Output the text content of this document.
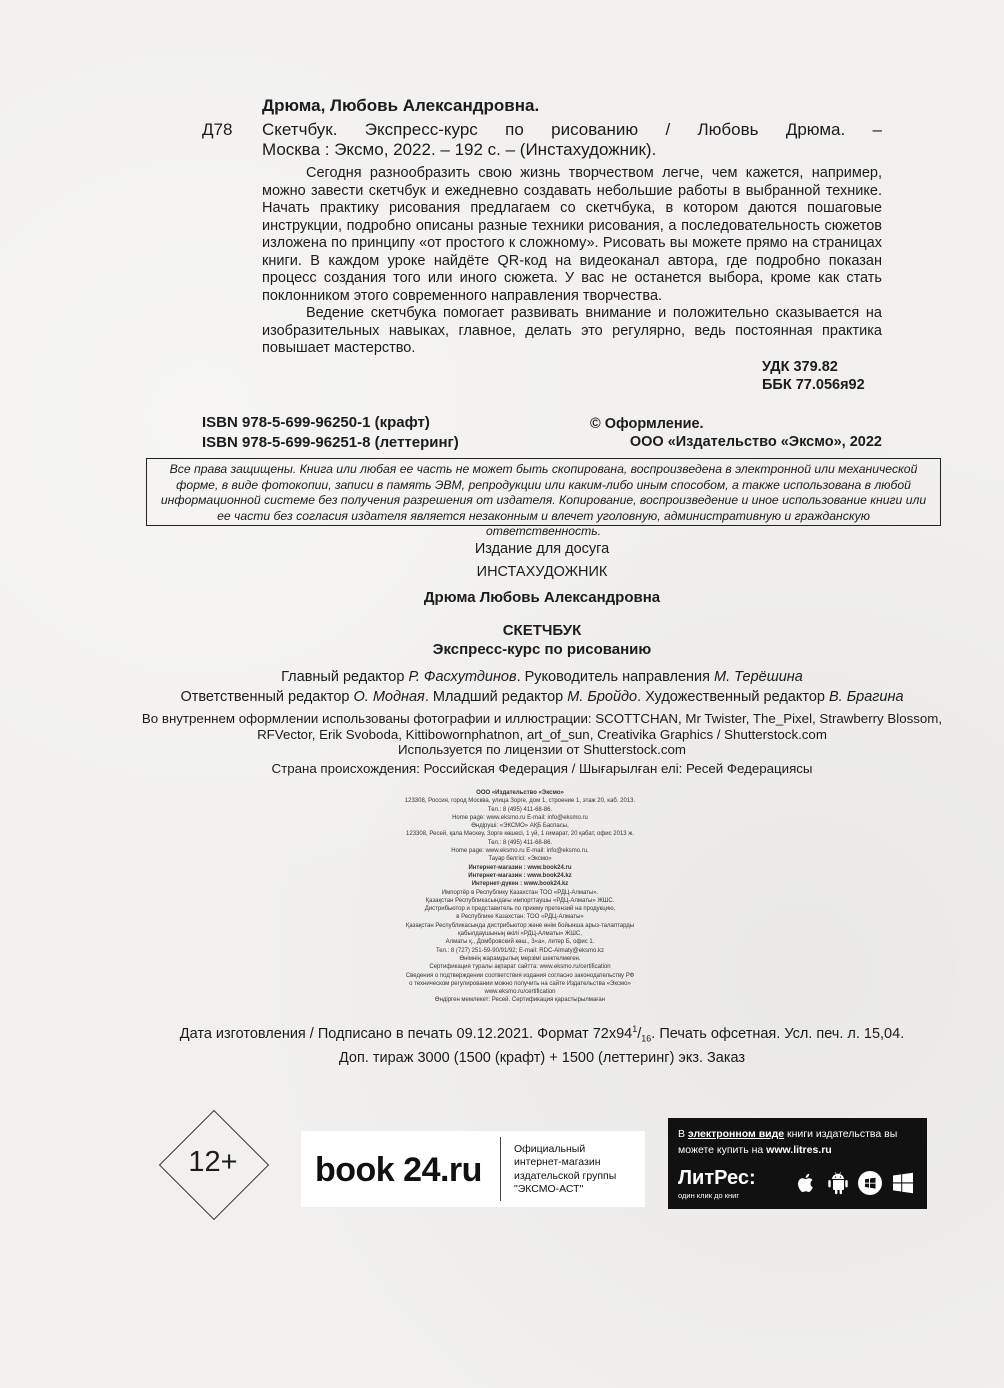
Дрюма, Любовь Александровна.
Д78 Скетчбук. Экспресс-курс по рисованию / Любовь Дрюма. –
Москва : Эксмо, 2022. – 192 с. – (Инстахудожник).

Сегодня разнообразить свою жизнь творчеством легче, чем кажется, например, можно завести скетчбук и ежедневно создавать небольшие работы в выбранной технике. Начать практику рисования предлагаем со скетчбука, в котором даются пошаговые инструкции, подробно описаны разные техники рисования, а последовательность сюжетов изложена по принципу «от простого к сложному». Рисовать вы можете прямо на страницах книги. В каждом уроке найдёте QR-код на видеоканал автора, где подробно показан процесс создания того или иного сюжета. У вас не останется выбора, кроме как стать поклонником этого современного направления творчества.

Ведение скетчбука помогает развивать внимание и положительно сказывается на изобразительных навыках, главное, делать это регулярно, ведь постоянная практика повышает мастерство.

УДК 379.82
ББК 77.056я92
ISBN 978-5-699-96250-1 (крафт)
ISBN 978-5-699-96251-8 (леттеринг)
© Оформление.
ООО «Издательство «Эксмо», 2022
Все права защищены. Книга или любая ее часть не может быть скопирована, воспроизведена в электронной или механической форме, в виде фотокопии, записи в память ЭВМ, репродукции или каким-либо иным способом, а также использована в любой информационной системе без получения разрешения от издателя. Копирование, воспроизведение и иное использование книги или ее части без согласия издателя является незаконным и влечет уголовную, административную и гражданскую ответственность.
Издание для досуга
ИНСТАХУДОЖНИК
Дрюма Любовь Александровна
СКЕТЧБУК
Экспресс-курс по рисованию
Главный редактор Р. Фасхутдинов. Руководитель направления М. Терёшина
Ответственный редактор О. Модная. Младший редактор М. Бройдо. Художественный редактор В. Брагина
Во внутреннем оформлении использованы фотографии и иллюстрации: SCOTTCHAN, Mr Twister, The_Pixel, Strawberry Blossom,
RFVector, Erik Svoboda, Kittibowornphatnon, art_of_sun, Creativika Graphics / Shutterstock.com
Используется по лицензии от Shutterstock.com
Страна происхождения: Российская Федерация / Шығарылған елі: Ресей Федерациясы
ООО «Издательство «Эксмо»
123308, Россия, город Москва, улица Зорге, дом 1, строение 1, этаж 20, каб. 2013.
Тел.: 8 (495) 411-68-86.
Home page: www.eksmo.ru E-mail: info@eksmo.ru
Өндіруші: «ЭКСМО» АҚБ Баспасы,
123308, Ресей, қала Мәскеу, Зорге көшесі, 1 үй, 1 ғимарат, 20 қабат, офис 2013 ж.
Тел.: 8 (495) 411-68-86.
Home page: www.eksmo.ru E-mail: info@eksmo.ru.
Тауар белгісі: «Эксмо»
Интернет-магазин : www.book24.ru
Интернет-магазин : www.book24.kz
Интернет-дүкен : www.book24.kz
Импортёр в Республику Казахстан ТОО «РДЦ-Алматы».
Қазақстан Республикасындағы импорттаушы «РДЦ-Алматы» ЖШС.
Дистрибьютор и представитель по приему претензий на продукцию,
в Республике Казахстан: ТОО «РДЦ-Алматы»
Қазақстан Республикасында дистрибьютор және өнім бойынша арыз-талаптарды
қабылдаушының өкілі «РДЦ-Алматы» ЖШС,
Алматы қ., Домбровский көш., 3«а», литер Б, офис 1.
Тел.: 8 (727) 251-59-90/91/92; E-mail: RDC-Almaty@eksmo.kz
Өнімнің жарамдылық мерзімі шектелмеген.
Сертификация туралы ақпарат сайтта: www.eksmo.ru/certification
Сведения о подтверждении соответствия издания согласно законодательству РФ
о техническом регулировании можно получить на сайте Издательства «Эксмо»
www.eksmo.ru/certification
Өндірген мемлекет: Ресей. Сертификация қарастырылмаған
Дата изготовления / Подписано в печать 09.12.2021. Формат $72х94^1/_{16}$. Печать офсетная. Усл. печ. л. 15,04.
Доп. тираж 3000 (1500 (крафт) + 1500 (леттеринг) экз. Заказ
12+	book 24.ru
Официальный
интернет-магазин
издательской группы
"ЭКСМО-АСТ"
В электронном виде книги издательства вы можете купить на www.litres.ru
ЛитРес:
один клик до книг
